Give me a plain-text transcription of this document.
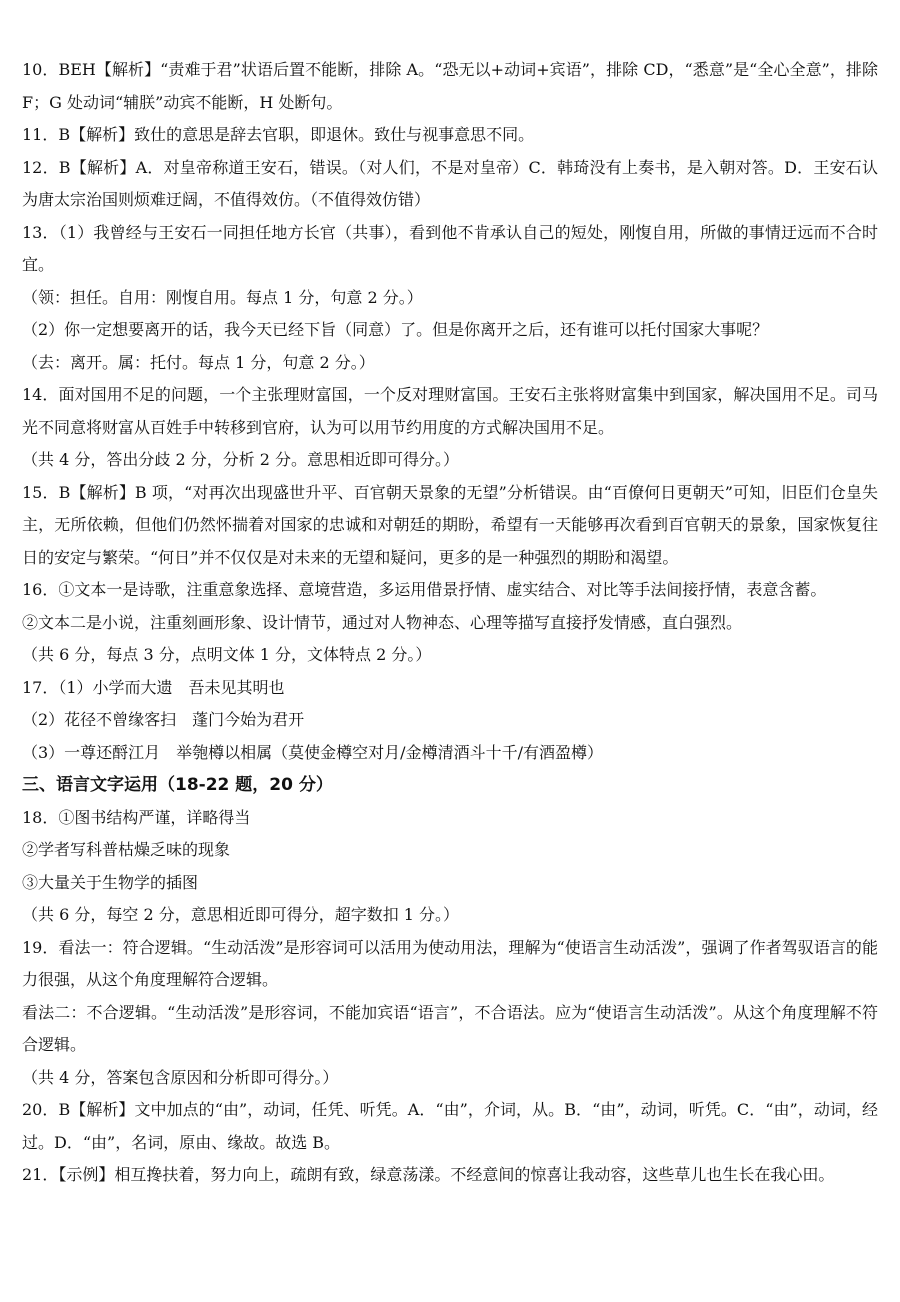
10．BEH【解析】“责难于君”状语后置不能断，排除 A。“恐无以+动词+宾语”，排除 CD，“悉意”是“全心全意”，排除 F；G 处动词“辅朕”动宾不能断，H 处断句。

11．B【解析】致仕的意思是辞去官职，即退休。致仕与视事意思不同。

12．B【解析】A．对皇帝称道王安石，错误。（对人们，不是对皇帝）C．韩琦没有上奏书，是入朝对答。D．王安石认为唐太宗治国则烦难迂阔，不值得效仿。（不值得效仿错）

13．（1）我曾经与王安石一同担任地方长官（共事），看到他不肯承认自己的短处，刚愎自用，所做的事情迂远而不合时宜。

（领：担任。自用：刚愎自用。每点 1 分，句意 2 分。）

（2）你一定想要离开的话，我今天已经下旨（同意）了。但是你离开之后，还有谁可以托付国家大事呢？

（去：离开。属：托付。每点 1 分，句意 2 分。）

14．面对国用不足的问题，一个主张理财富国，一个反对理财富国。王安石主张将财富集中到国家，解决国用不足。司马光不同意将财富从百姓手中转移到官府，认为可以用节约用度的方式解决国用不足。

（共 4 分，答出分歧 2 分，分析 2 分。意思相近即可得分。）

15．B【解析】B 项，“对再次出现盛世升平、百官朝天景象的无望”分析错误。由“百僚何日更朝天”可知，旧臣们仓皇失主，无所依赖，但他们仍然怀揣着对国家的忠诚和对朝廷的期盼，希望有一天能够再次看到百官朝天的景象，国家恢复往日的安定与繁荣。“何日”并不仅仅是对未来的无望和疑问，更多的是一种强烈的期盼和渴望。

16．①文本一是诗歌，注重意象选择、意境营造，多运用借景抒情、虚实结合、对比等手法间接抒情，表意含蓄。

②文本二是小说，注重刻画形象、设计情节，通过对人物神态、心理等描写直接抒发情感，直白强烈。

（共 6 分，每点 3 分，点明文体 1 分，文体特点 2 分。）

17．（1）小学而大遗　吾未见其明也

（2）花径不曾缘客扫　蓬门今始为君开

（3）一尊还酹江月　举匏樽以相属（莫使金樽空对月/金樽清酒斗十千/有酒盈樽）

三、语言文字运用（18-22 题，20 分）

18．①图书结构严谨，详略得当

②学者写科普枯燥乏味的现象

③大量关于生物学的插图

（共 6 分，每空 2 分，意思相近即可得分，超字数扣 1 分。）

19．看法一：符合逻辑。“生动活泼”是形容词可以活用为使动用法，理解为“使语言生动活泼”，强调了作者驾驭语言的能力很强，从这个角度理解符合逻辑。

看法二：不合逻辑。“生动活泼”是形容词，不能加宾语“语言”，不合语法。应为“使语言生动活泼”。从这个角度理解不符合逻辑。

（共 4 分，答案包含原因和分析即可得分。）

20．B【解析】文中加点的“由”，动词，任凭、听凭。A．“由”，介词，从。B．“由”，动词，听凭。C．“由”，动词，经过。D．“由”，名词，原由、缘故。故选 B。

21．【示例】相互搀扶着，努力向上，疏朗有致，绿意荡漾。不经意间的惊喜让我动容，这些草儿也生长在我心田。
